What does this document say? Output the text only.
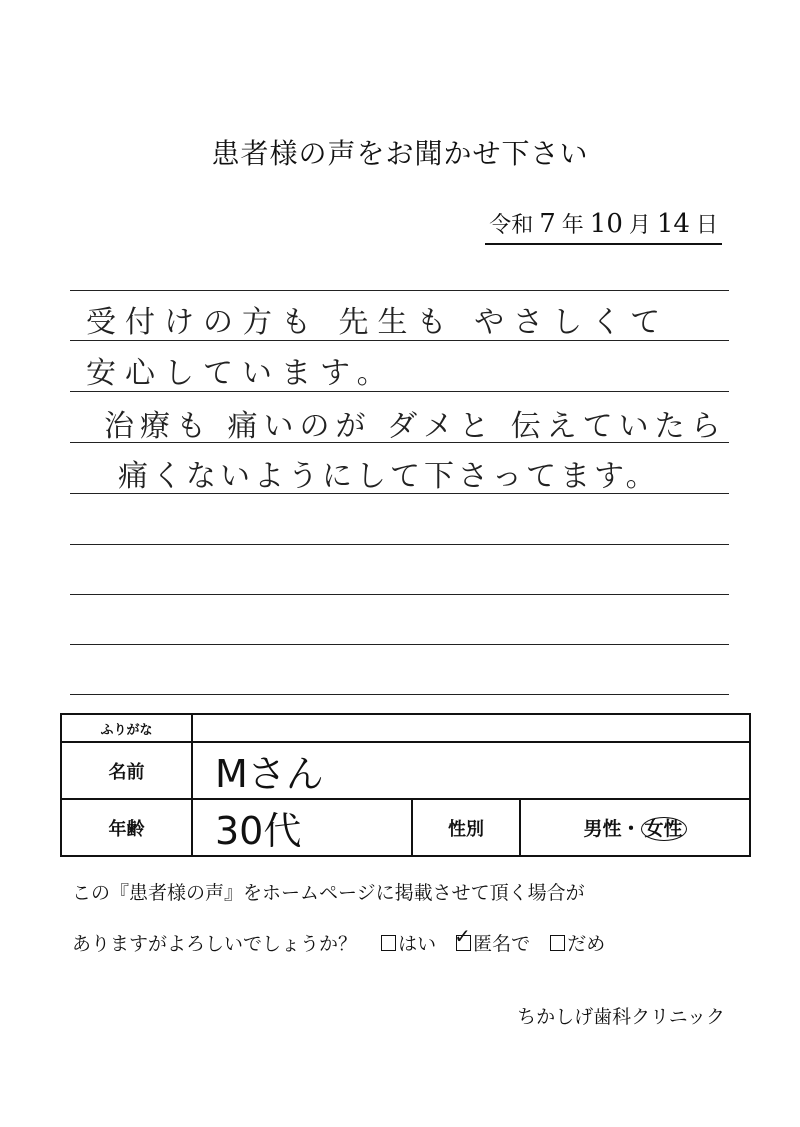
患者様の声をお聞かせ下さい
令和 7 年 10 月 14 日
受付けの方も 先生も やさしくて
安心しています。
治療も 痛いのが ダメと 伝えていたら
痛くないようにして下さってます。
ふりがな			
名前	Mさん		
年齢	30代	性別	男性・ 女性
この『患者様の声』をホームページに掲載させて頂く場合が
ありますがよろしいでしょうか？ はい ✓ 匿名で だめ
ちかしげ歯科クリニック
